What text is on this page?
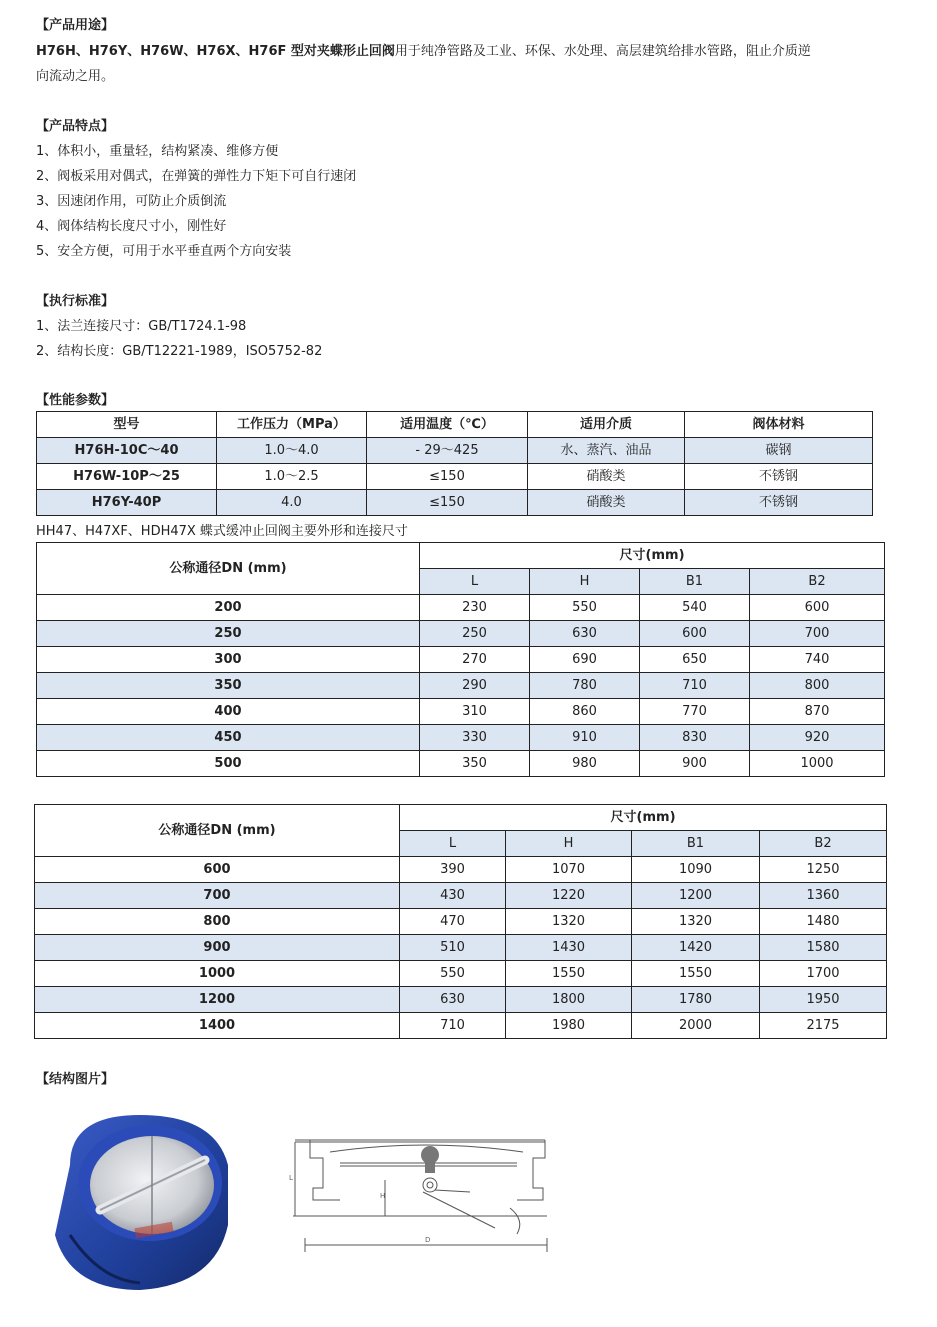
【产品用途】
H76H、H76Y、H76W、H76X、H76F 型对夹蝶形止回阀用于纯净管路及工业、环保、水处理、高层建筑给排水管路，阻止介质逆
向流动之用。
【产品特点】
1、体积小，重量轻，结构紧凑、维修方便
2、阀板采用对偶式，在弹簧的弹性力下矩下可自行速闭
3、因速闭作用，可防止介质倒流
4、阀体结构长度尺寸小，刚性好
5、安全方便，可用于水平垂直两个方向安装
【执行标准】
1、法兰连接尺寸：GB/T1724.1-98
2、结构长度：GB/T12221-1989，ISO5752-82
【性能参数】
型号	工作压力（MPa）	适用温度（℃）	适用介质	阀体材料
H76H-10C～40	1.0～4.0	- 29～425	水、蒸汽、油品	碳钢
H76W-10P～25	1.0～2.5	≤150	硝酸类	不锈钢
H76Y-40P	4.0	≤150	硝酸类	不锈钢
HH47、H47XF、HDH47X 蝶式缓冲止回阀主要外形和连接尺寸
公称通径DN (mm)	尺寸(mm)			
	L	H	B1	B2
200	230	550	540	600
250	250	630	600	700
300	270	690	650	740
350	290	780	710	800
400	310	860	770	870
450	330	910	830	920
500	350	980	900	1000
公称通径DN (mm)	尺寸(mm)			
	L	H	B1	B2
600	390	1070	1090	1250
700	430	1220	1200	1360
800	470	1320	1320	1480
900	510	1430	1420	1580
1000	550	1550	1550	1700
1200	630	1800	1780	1950
1400	710	1980	2000	2175
【结构图片】
L
H
D
